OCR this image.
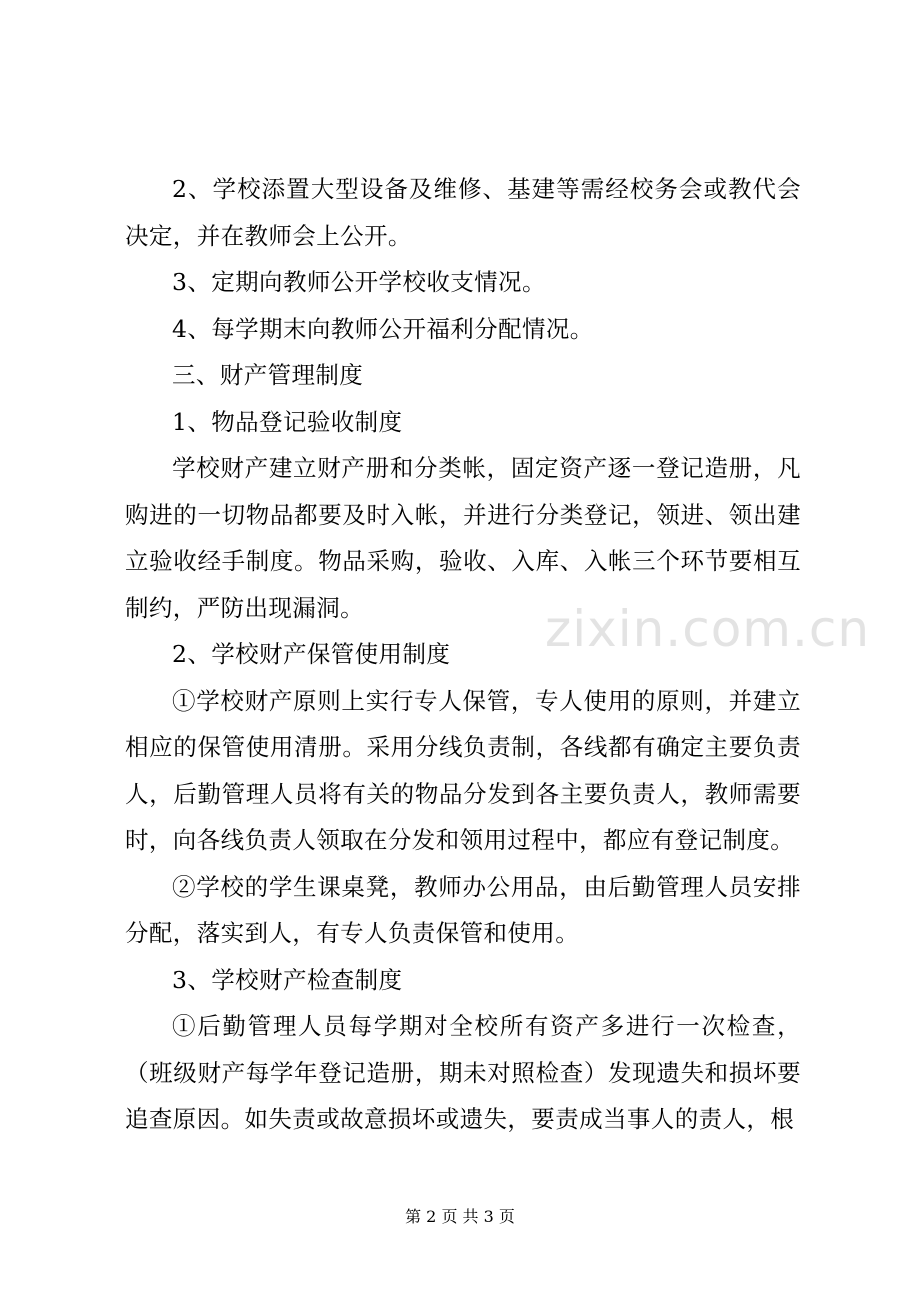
zixin.com.cn

2、学校添置大型设备及维修、基建等需经校务会或教代会决定，并在教师会上公开。

3、定期向教师公开学校收支情况。

4、每学期末向教师公开福利分配情况。

三、财产管理制度

1、物品登记验收制度

学校财产建立财产册和分类帐，固定资产逐一登记造册，凡购进的一切物品都要及时入帐，并进行分类登记，领进、领出建立验收经手制度。物品采购，验收、入库、入帐三个环节要相互制约，严防出现漏洞。

2、学校财产保管使用制度

①学校财产原则上实行专人保管，专人使用的原则，并建立相应的保管使用清册。采用分线负责制，各线都有确定主要负责人，后勤管理人员将有关的物品分发到各主要负责人，教师需要时，向各线负责人领取在分发和领用过程中，都应有登记制度。

②学校的学生课桌凳，教师办公用品，由后勤管理人员安排分配，落实到人，有专人负责保管和使用。

3、学校财产检查制度

①后勤管理人员每学期对全校所有资产多进行一次检查，（班级财产每学年登记造册，期未对照检查）发现遗失和损坏要追查原因。如失责或故意损坏或遗失，要责成当事人的责人，根

第 2 页 共 3 页
